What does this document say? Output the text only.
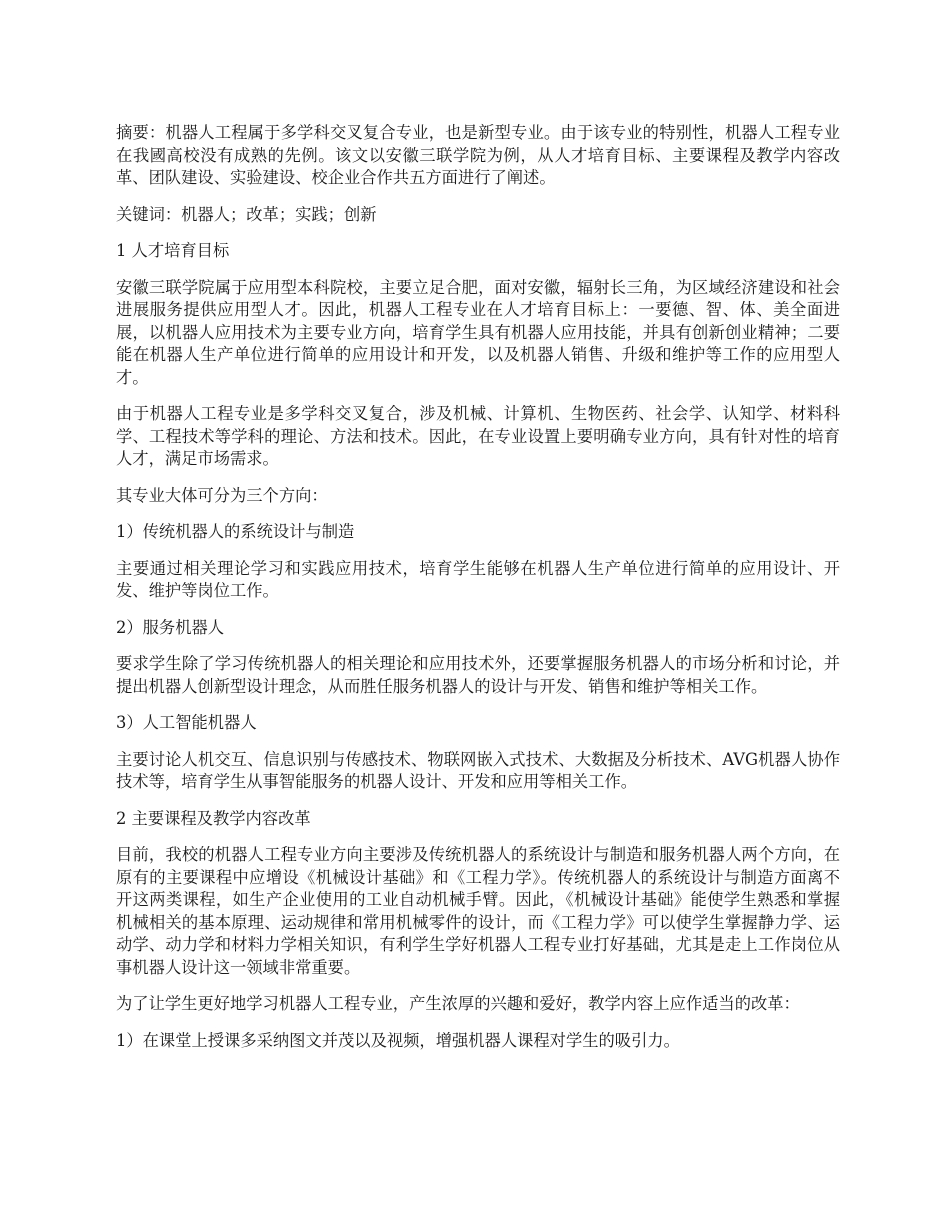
摘要：机器人工程属于多学科交叉复合专业，也是新型专业。由于该专业的特别性，机器人工程专业在我國高校没有成熟的先例。该文以安徽三联学院为例，从人才培育目标、主要课程及教学内容改革、团队建设、实验建设、校企业合作共五方面进行了阐述。

关键词：机器人；改革；实践；创新

1 人才培育目标

安徽三联学院属于应用型本科院校，主要立足合肥，面对安徽，辐射长三角，为区域经济建设和社会进展服务提供应用型人才。因此，机器人工程专业在人才培育目标上：一要德、智、体、美全面进展，以机器人应用技术为主要专业方向，培育学生具有机器人应用技能，并具有创新创业精神；二要能在机器人生产单位进行简单的应用设计和开发，以及机器人销售、升级和维护等工作的应用型人才。

由于机器人工程专业是多学科交叉复合，涉及机械、计算机、生物医药、社会学、认知学、材料科学、工程技术等学科的理论、方法和技术。因此，在专业设置上要明确专业方向，具有针对性的培育人才，满足市场需求。

其专业大体可分为三个方向：

1）传统机器人的系统设计与制造

主要通过相关理论学习和实践应用技术，培育学生能够在机器人生产单位进行简单的应用设计、开发、维护等岗位工作。

2）服务机器人

要求学生除了学习传统机器人的相关理论和应用技术外，还要掌握服务机器人的市场分析和讨论，并提出机器人创新型设计理念，从而胜任服务机器人的设计与开发、销售和维护等相关工作。

3）人工智能机器人

主要讨论人机交互、信息识别与传感技术、物联网嵌入式技术、大数据及分析技术、AVG机器人协作技术等，培育学生从事智能服务的机器人设计、开发和应用等相关工作。

2 主要课程及教学内容改革

目前，我校的机器人工程专业方向主要涉及传统机器人的系统设计与制造和服务机器人两个方向，在原有的主要课程中应增设《机械设计基础》和《工程力学》。传统机器人的系统设计与制造方面离不开这两类课程，如生产企业使用的工业自动机械手臂。因此，《机械设计基础》能使学生熟悉和掌握机械相关的基本原理、运动规律和常用机械零件的设计，而《工程力学》可以使学生掌握静力学、运动学、动力学和材料力学相关知识，有利学生学好机器人工程专业打好基础，尤其是走上工作岗位从事机器人设计这一领域非常重要。

为了让学生更好地学习机器人工程专业，产生浓厚的兴趣和爱好，教学内容上应作适当的改革：

1）在课堂上授课多采纳图文并茂以及视频，增强机器人课程对学生的吸引力。
